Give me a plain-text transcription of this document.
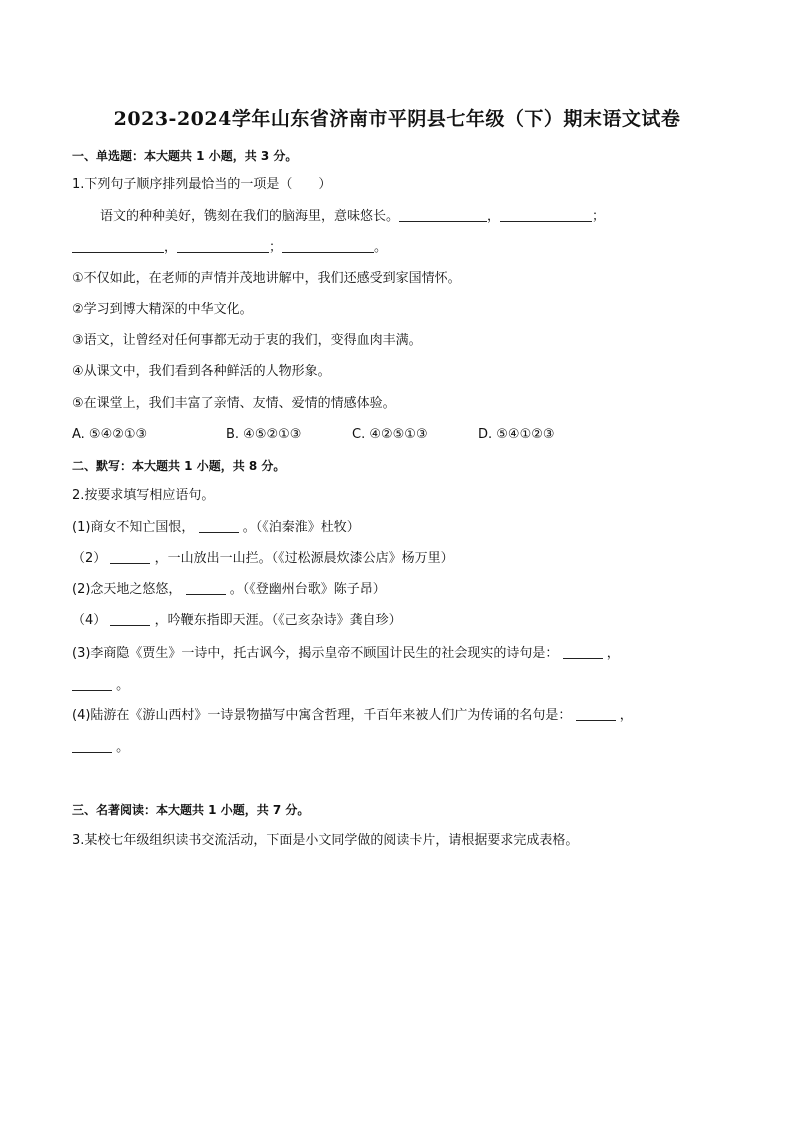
2023-2024学年山东省济南市平阴县七年级（下）期末语文试卷
一、单选题：本大题共 1 小题，共 3 分。
1.下列句子顺序排列最恰当的一项是（　　）
语文的种种美好，镌刻在我们的脑海里，意味悠长。	，	；
，	；	。
①不仅如此，在老师的声情并茂地讲解中，我们还感受到家国情怀。
②学习到博大精深的中华文化。
③语文，让曾经对任何事都无动于衷的我们，变得血肉丰满。
④从课文中，我们看到各种鲜活的人物形象。
⑤在课堂上，我们丰富了亲情、友情、爱情的情感体验。
A. ⑤④②①③	B. ④⑤②①③	C. ④②⑤①③	D. ⑤④①②③
二、默写：本大题共 1 小题，共 8 分。
2.按要求填写相应语句。
(1)商女不知亡国恨，	。（《泊秦淮》杜牧）
（2）	，一山放出一山拦。（《过松源晨炊漆公店》杨万里）
(2)念天地之悠悠，	。（《登幽州台歌》陈子昂）
（4）	，吟鞭东指即天涯。（《己亥杂诗》龚自珍）
(3)李商隐《贾生》一诗中，托古讽今，揭示皇帝不顾国计民生的社会现实的诗句是：	，
。
(4)陆游在《游山西村》一诗景物描写中寓含哲理，千百年来被人们广为传诵的名句是：	，
。
三、名著阅读：本大题共 1 小题，共 7 分。
3.某校七年级组织读书交流活动，下面是小文同学做的阅读卡片，请根据要求完成表格。
